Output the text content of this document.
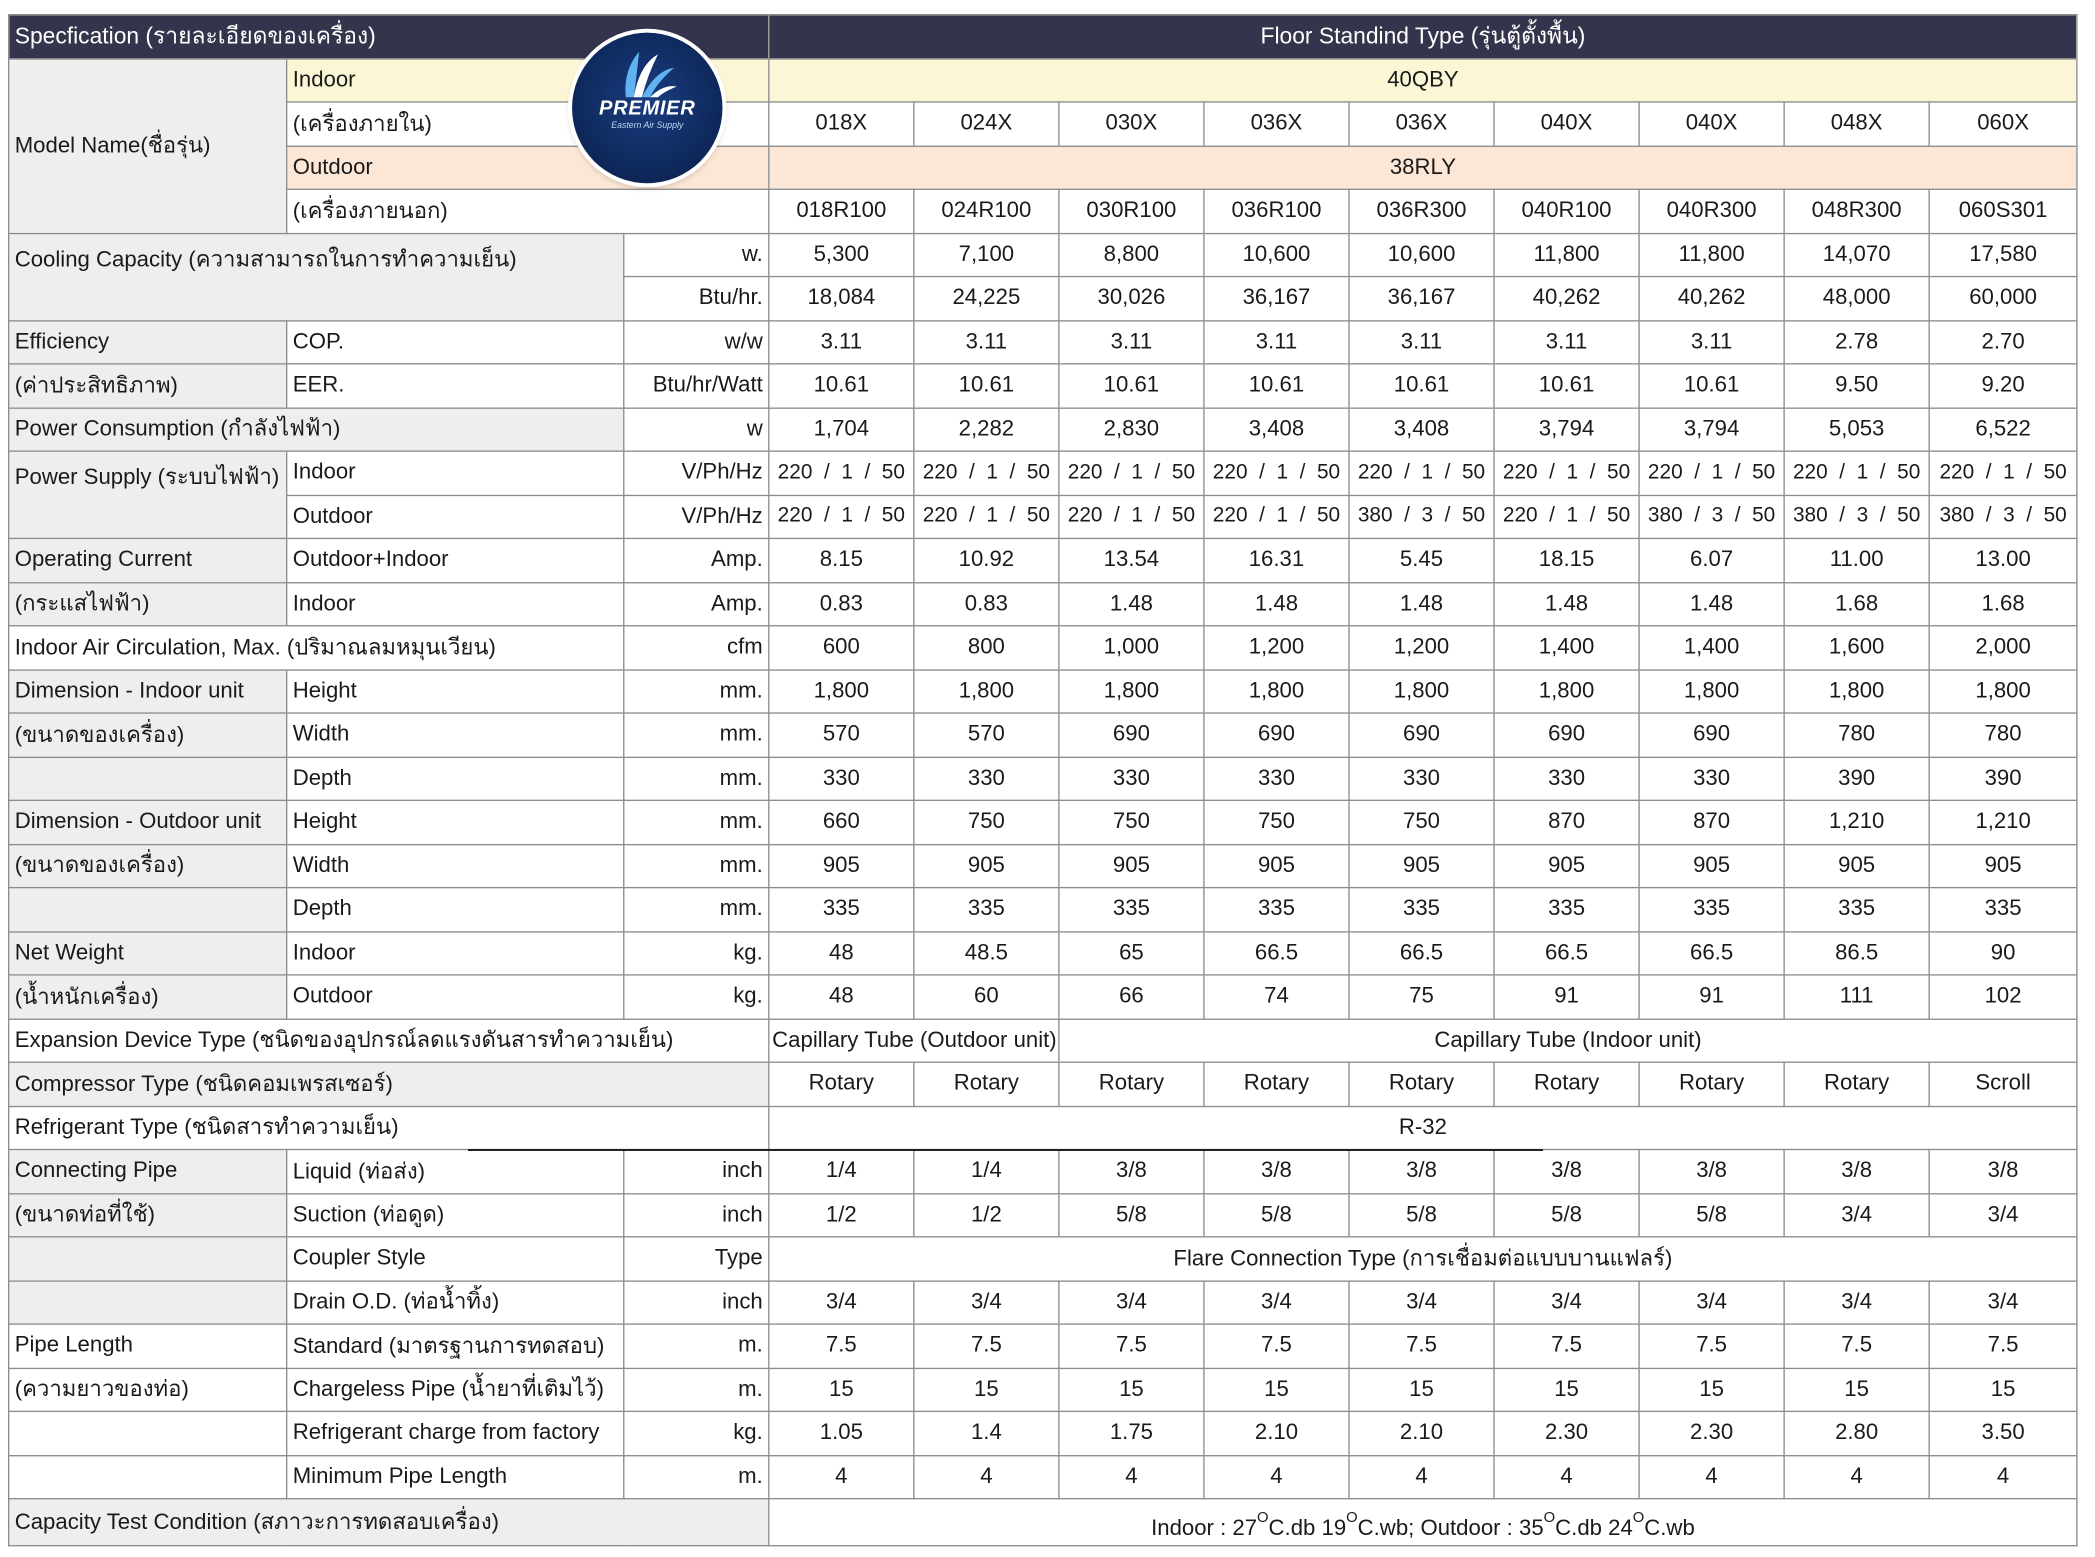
Specfication (รายละเอียดของเครื่อง)			Floor Standind Type (รุ่นตู้ตั้งพื้น)								
Model Name(ชื่อรุ่น)	Indoor		40QBY								
	(เครื่องภายใน)		018X	024X	030X	036X	036X	040X	040X	048X	060X
	Outdoor		38RLY								
	(เครื่องภายนอก)		018R100	024R100	030R100	036R100	036R300	040R100	040R300	048R300	060S301
Cooling Capacity (ความสามารถในการทำความเย็น)		w.	5,300	7,100	8,800	10,600	10,600	11,800	11,800	14,070	17,580
		Btu/hr.	18,084	24,225	30,026	36,167	36,167	40,262	40,262	48,000	60,000
Efficiency	COP.	w/w	3.11	3.11	3.11	3.11	3.11	3.11	3.11	2.78	2.70
(ค่าประสิทธิภาพ)	EER.	Btu/hr/Watt	10.61	10.61	10.61	10.61	10.61	10.61	10.61	9.50	9.20
Power Consumption (กำลังไฟฟ้า)		w	1,704	2,282	2,830	3,408	3,408	3,794	3,794	5,053	6,522
Power Supply (ระบบไฟฟ้า)	Indoor	V/Ph/Hz	220  /  1  /  50	220  /  1  /  50	220  /  1  /  50	220  /  1  /  50	220  /  1  /  50	220  /  1  /  50	220  /  1  /  50	220  /  1  /  50	220  /  1  /  50
	Outdoor	V/Ph/Hz	220  /  1  /  50	220  /  1  /  50	220  /  1  /  50	220  /  1  /  50	380  /  3  /  50	220  /  1  /  50	380  /  3  /  50	380  /  3  /  50	380  /  3  /  50
Operating Current	Outdoor+Indoor	Amp.	8.15	10.92	13.54	16.31	5.45	18.15	6.07	11.00	13.00
(กระแสไฟฟ้า)	Indoor	Amp.	0.83	0.83	1.48	1.48	1.48	1.48	1.48	1.68	1.68
Indoor Air Circulation, Max. (ปริมาณลมหมุนเวียน)		cfm	600	800	1,000	1,200	1,200	1,400	1,400	1,600	2,000
Dimension - Indoor unit	Height	mm.	1,800	1,800	1,800	1,800	1,800	1,800	1,800	1,800	1,800
(ขนาดของเครื่อง)	Width	mm.	570	570	690	690	690	690	690	780	780
	Depth	mm.	330	330	330	330	330	330	330	390	390
Dimension - Outdoor unit	Height	mm.	660	750	750	750	750	870	870	1,210	1,210
(ขนาดของเครื่อง)	Width	mm.	905	905	905	905	905	905	905	905	905
	Depth	mm.	335	335	335	335	335	335	335	335	335
Net Weight	Indoor	kg.	48	48.5	65	66.5	66.5	66.5	66.5	86.5	90
(น้ำหนักเครื่อง)	Outdoor	kg.	48	60	66	74	75	91	91	111	102
Expansion Device Type (ชนิดของอุปกรณ์ลดแรงดันสารทำความเย็น)			Capillary Tube (Outdoor unit)		Capillary Tube (Indoor unit)						
Compressor Type (ชนิดคอมเพรสเซอร์)			Rotary	Rotary	Rotary	Rotary	Rotary	Rotary	Rotary	Rotary	Scroll
Refrigerant Type (ชนิดสารทำความเย็น)			R-32								
Connecting Pipe	Liquid (ท่อส่ง)	inch	1/4	1/4	3/8	3/8	3/8	3/8	3/8	3/8	3/8
(ขนาดท่อที่ใช้)	Suction (ท่อดูด)	inch	1/2	1/2	5/8	5/8	5/8	5/8	5/8	3/4	3/4
	Coupler Style	Type	Flare Connection Type (การเชื่อมต่อแบบบานแฟลร์)								
	Drain O.D. (ท่อน้ำทิ้ง)	inch	3/4	3/4	3/4	3/4	3/4	3/4	3/4	3/4	3/4
Pipe Length	Standard (มาตรฐานการทดสอบ)	m.	7.5	7.5	7.5	7.5	7.5	7.5	7.5	7.5	7.5
(ความยาวของท่อ)	Chargeless Pipe (น้ำยาที่เติมไว้)	m.	15	15	15	15	15	15	15	15	15
	Refrigerant charge from factory	kg.	1.05	1.4	1.75	2.10	2.10	2.30	2.30	2.80	3.50
	Minimum Pipe Length	m.	4	4	4	4	4	4	4	4	4
Capacity Test Condition (สภาวะการทดสอบเครื่อง)			Indoor : $27^OC.db$ $19^OC.wb$; Outdoor : $35^OC.db$ $24^OC.wb$								
PREMIER
Eastern Air Supply
